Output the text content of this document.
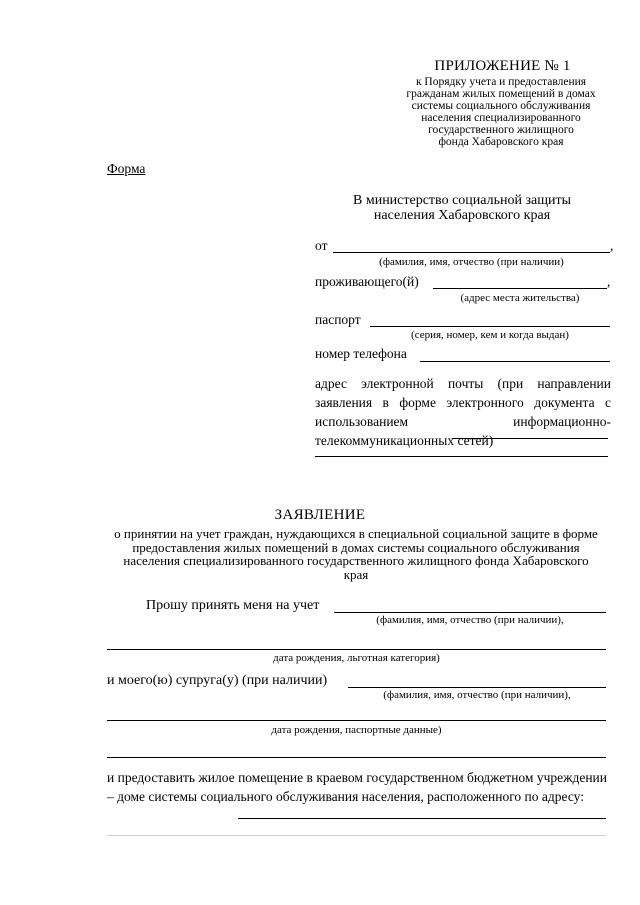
ПРИЛОЖЕНИЕ № 1
к Порядку учета и предоставления
гражданам жилых помещений в домах
системы социального обслуживания
населения специализированного
государственного жилищного
фонда Хабаровского края
Форма
В министерство социальной защиты
населения Хабаровского края
от	,
(фамилия, имя, отчество (при наличии)
проживающего(й)	,
(адрес места жительства)
паспорт
(серия, номер, кем и когда выдан)
номер телефона
адрес электронной почты (при направлении заявления в форме электронного документа с использованием информационно-телекоммуникационных сетей)
ЗАЯВЛЕНИЕ
о принятии на учет граждан, нуждающихся в специальной социальной защите в форме предоставления жилых помещений в домах системы социального обслуживания населения специализированного государственного жилищного фонда Хабаровского края
Прошу принять меня на учет
(фамилия, имя, отчество (при наличии),
дата рождения, льготная категория)
и моего(ю) супруга(у) (при наличии)
(фамилия, имя, отчество (при наличии),
дата рождения, паспортные данные)
и предоставить жилое помещение в краевом государственном бюджетном учреждении – доме системы социального обслуживания населения, расположенного по адресу:
